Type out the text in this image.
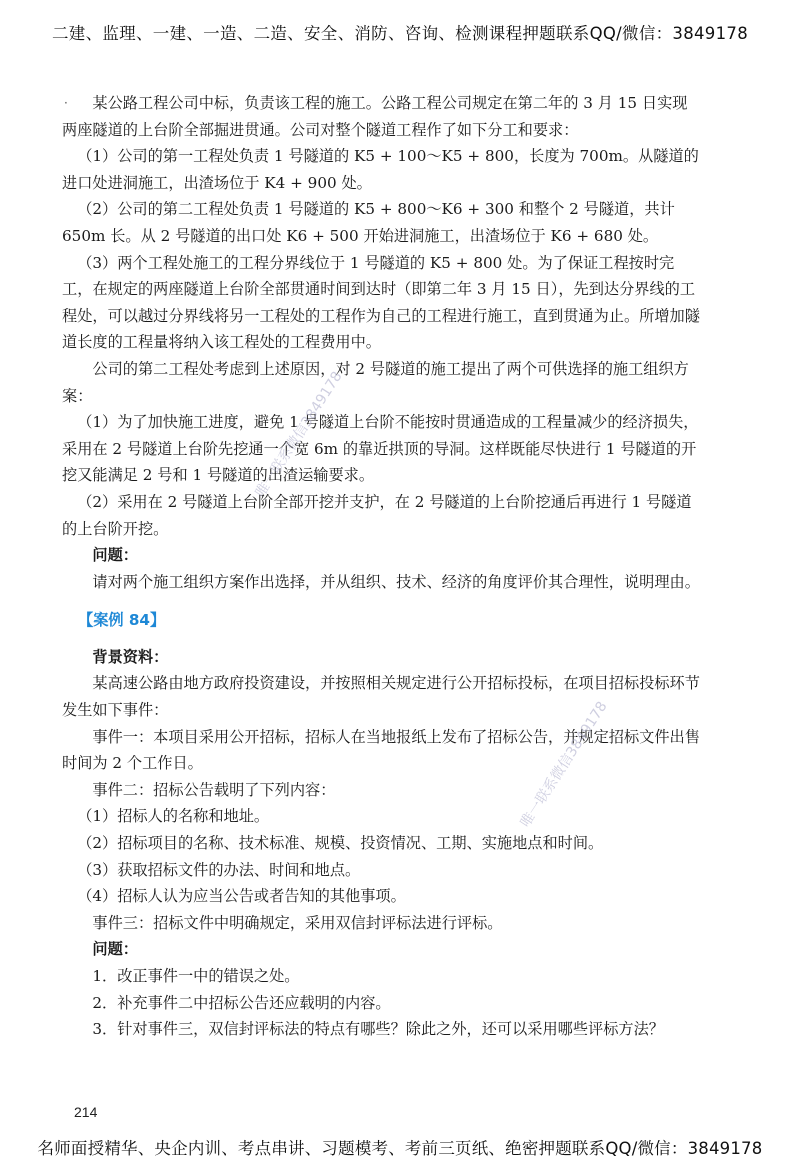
二建、监理、一建、一造、二造、安全、消防、咨询、检测课程押题联系QQ/微信：3849178
·	某公路工程公司中标，负责该工程的施工。公路工程公司规定在第二年的 3 月 15 日实现两座隧道的上台阶全部掘进贯通。公司对整个隧道工程作了如下分工和要求：

（1）公司的第一工程处负责 1 号隧道的 K5 + 100～K5 + 800，长度为 700m。从隧道的进口处进洞施工，出渣场位于 K4 + 900 处。

（2）公司的第二工程处负责 1 号隧道的 K5 + 800～K6 + 300 和整个 2 号隧道，共计 650m 长。从 2 号隧道的出口处 K6 + 500 开始进洞施工，出渣场位于 K6 + 680 处。

（3）两个工程处施工的工程分界线位于 1 号隧道的 K5 + 800 处。为了保证工程按时完工，在规定的两座隧道上台阶全部贯通时间到达时（即第二年 3 月 15 日），先到达分界线的工程处，可以越过分界线将另一工程处的工程作为自己的工程进行施工，直到贯通为止。所增加隧道长度的工程量将纳入该工程处的工程费用中。

公司的第二工程处考虑到上述原因，对 2 号隧道的施工提出了两个可供选择的施工组织方案：

（1）为了加快施工进度，避免 1 号隧道上台阶不能按时贯通造成的工程量减少的经济损失，采用在 2 号隧道上台阶先挖通一个宽 6m 的靠近拱顶的导洞。这样既能尽快进行 1 号隧道的开挖又能满足 2 号和 1 号隧道的出渣运输要求。

（2）采用在 2 号隧道上台阶全部开挖并支护，在 2 号隧道的上台阶挖通后再进行 1 号隧道的上台阶开挖。

问题：

请对两个施工组织方案作出选择，并从组织、技术、经济的角度评价其合理性，说明理由。

【案例 84】

背景资料：

某高速公路由地方政府投资建设，并按照相关规定进行公开招标投标，在项目招标投标环节发生如下事件：

事件一：本项目采用公开招标，招标人在当地报纸上发布了招标公告，并规定招标文件出售时间为 2 个工作日。

事件二：招标公告载明了下列内容：

（1）招标人的名称和地址。

（2）招标项目的名称、技术标准、规模、投资情况、工期、实施地点和时间。

（3）获取招标文件的办法、时间和地点。

（4）招标人认为应当公告或者告知的其他事项。

事件三：招标文件中明确规定，采用双信封评标法进行评标。

问题：

1．改正事件一中的错误之处。

2．补充事件二中招标公告还应载明的内容。

3．针对事件三，双信封评标法的特点有哪些？除此之外，还可以采用哪些评标方法？

唯一联系微信3849178
唯一联系微信3849178
214
名师面授精华、央企内训、考点串讲、习题模考、考前三页纸、绝密押题联系QQ/微信：3849178
